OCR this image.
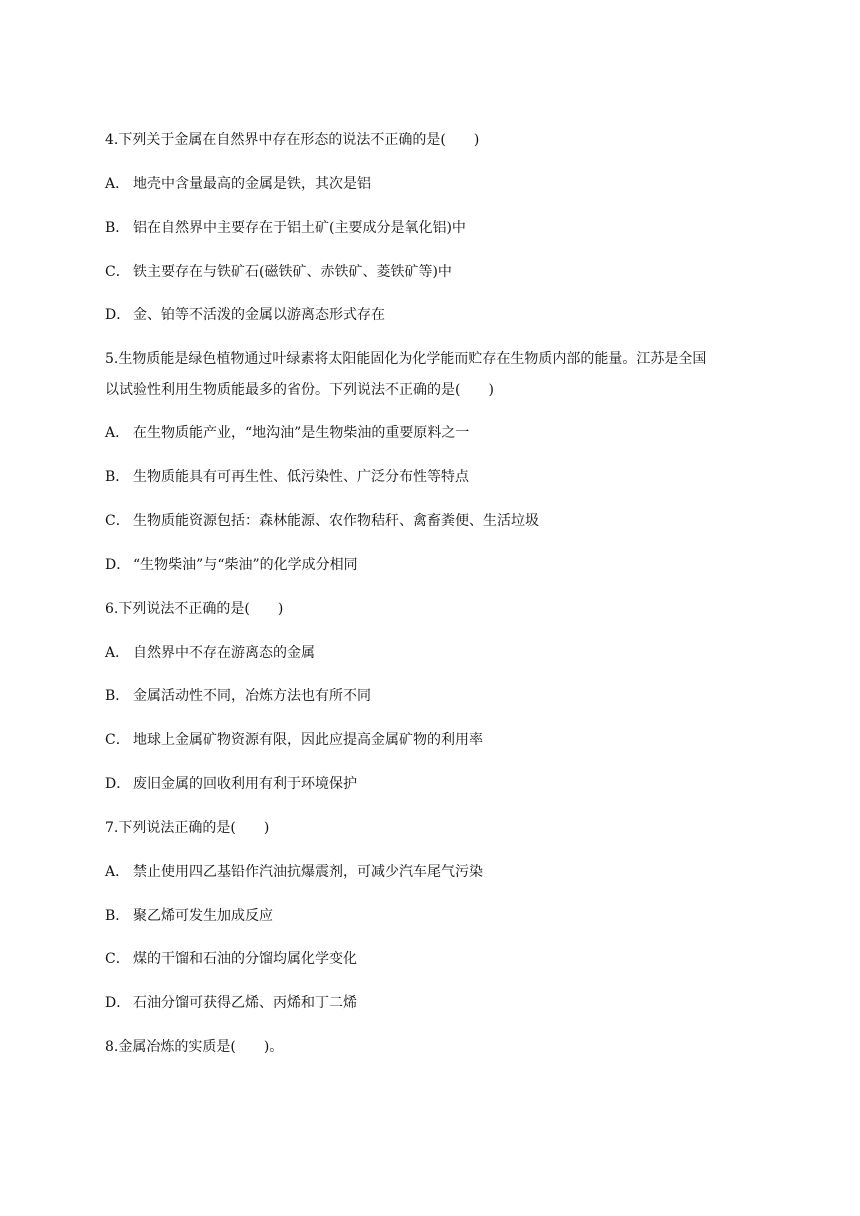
4.下列关于金属在自然界中存在形态的说法不正确的是(　　)
A． 地壳中含量最高的金属是铁，其次是铝
B． 铝在自然界中主要存在于铝土矿(主要成分是氧化铝)中
C． 铁主要存在与铁矿石(磁铁矿、赤铁矿、菱铁矿等)中
D． 金、铂等不活泼的金属以游离态形式存在
5.生物质能是绿色植物通过叶绿素将太阳能固化为化学能而贮存在生物质内部的能量。江苏是全国
以试验性利用生物质能最多的省份。下列说法不正确的是(　　)
A． 在生物质能产业，“地沟油”是生物柴油的重要原料之一
B． 生物质能具有可再生性、低污染性、广泛分布性等特点
C． 生物质能资源包括：森林能源、农作物秸秆、禽畜粪便、生活垃圾
D． “生物柴油”与“柴油”的化学成分相同
6.下列说法不正确的是(　　)
A． 自然界中不存在游离态的金属
B． 金属活动性不同，冶炼方法也有所不同
C． 地球上金属矿物资源有限，因此应提高金属矿物的利用率
D． 废旧金属的回收利用有利于环境保护
7.下列说法正确的是(　　)
A． 禁止使用四乙基铅作汽油抗爆震剂，可减少汽车尾气污染
B． 聚乙烯可发生加成反应
C． 煤的干馏和石油的分馏均属化学变化
D． 石油分馏可获得乙烯、丙烯和丁二烯
8.金属冶炼的实质是(　　)。
